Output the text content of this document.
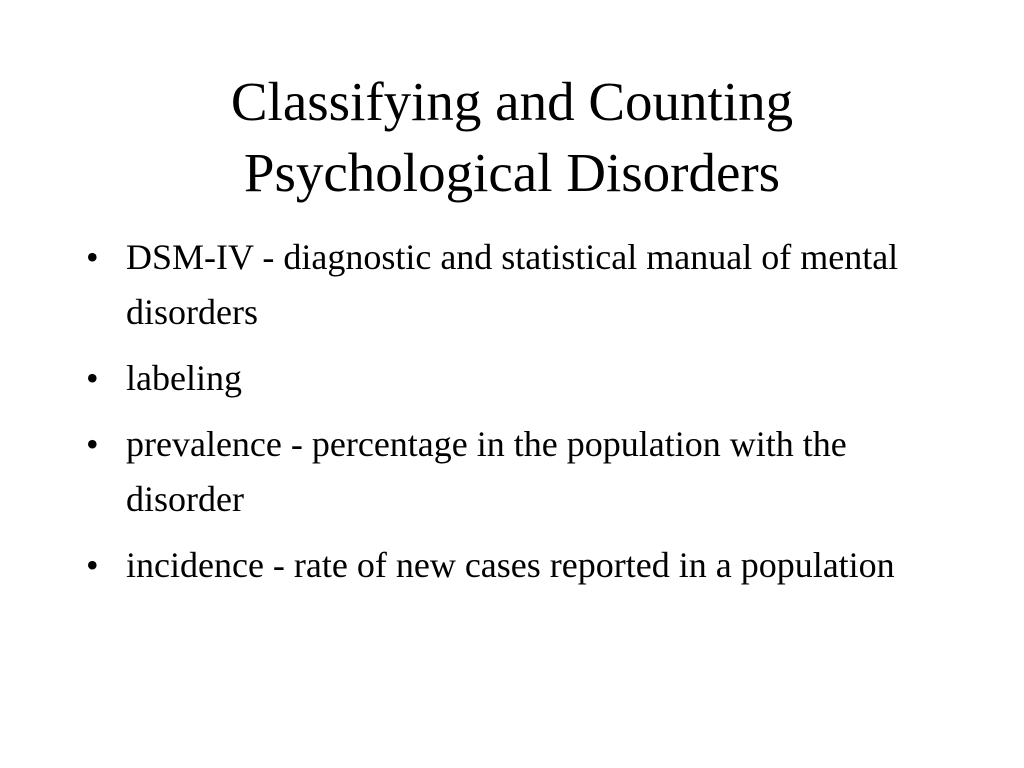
Classifying and Counting
Psychological Disorders
• DSM-IV - diagnostic and statistical manual of mental disorders
• labeling
• prevalence - percentage in the population with the disorder
• incidence - rate of new cases reported in a population
